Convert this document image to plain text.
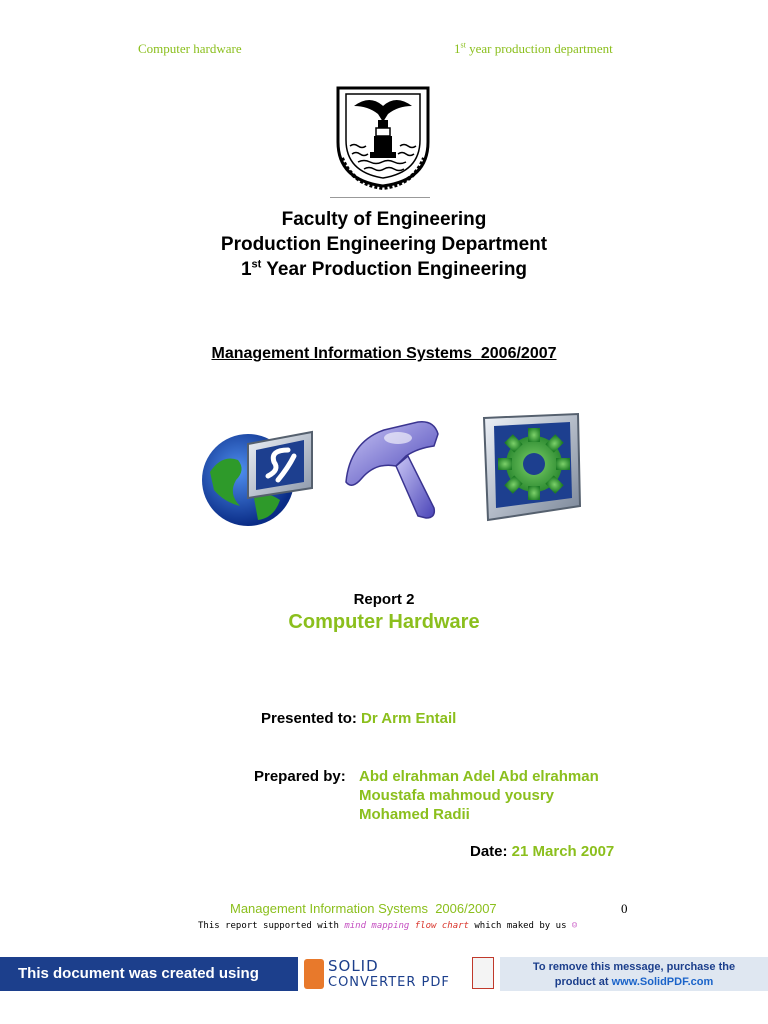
Computer hardware	1st year production department
Faculty of Engineering
Production Engineering Department
1st Year Production Engineering
Management Information Systems  2006/2007
Report 2
Computer Hardware
Presented to: Dr Arm Entail
Prepared by: Abd elrahman Adel Abd elrahman
Moustafa mahmoud yousry
Mohamed Radii
Date: 21 March 2007
Management Information Systems  2006/2007	0
This report supported with mind mapping flow chart which maked by us ☺
This document was created using	SOLID
CONVERTER PDF
To remove this message, purchase the
product at www.SolidPDF.com
